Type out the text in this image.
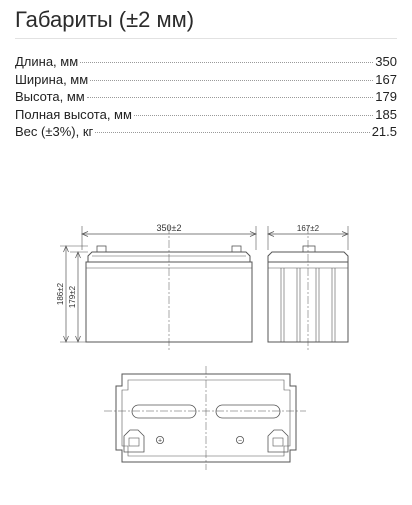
Габариты (±2 мм)
Длина, мм	350
Ширина, мм	167
Высота, мм	179
Полная высота, мм	185
Вес (±3%), кг	21.5
+	−
350±2	167±2
186±2 179±2
